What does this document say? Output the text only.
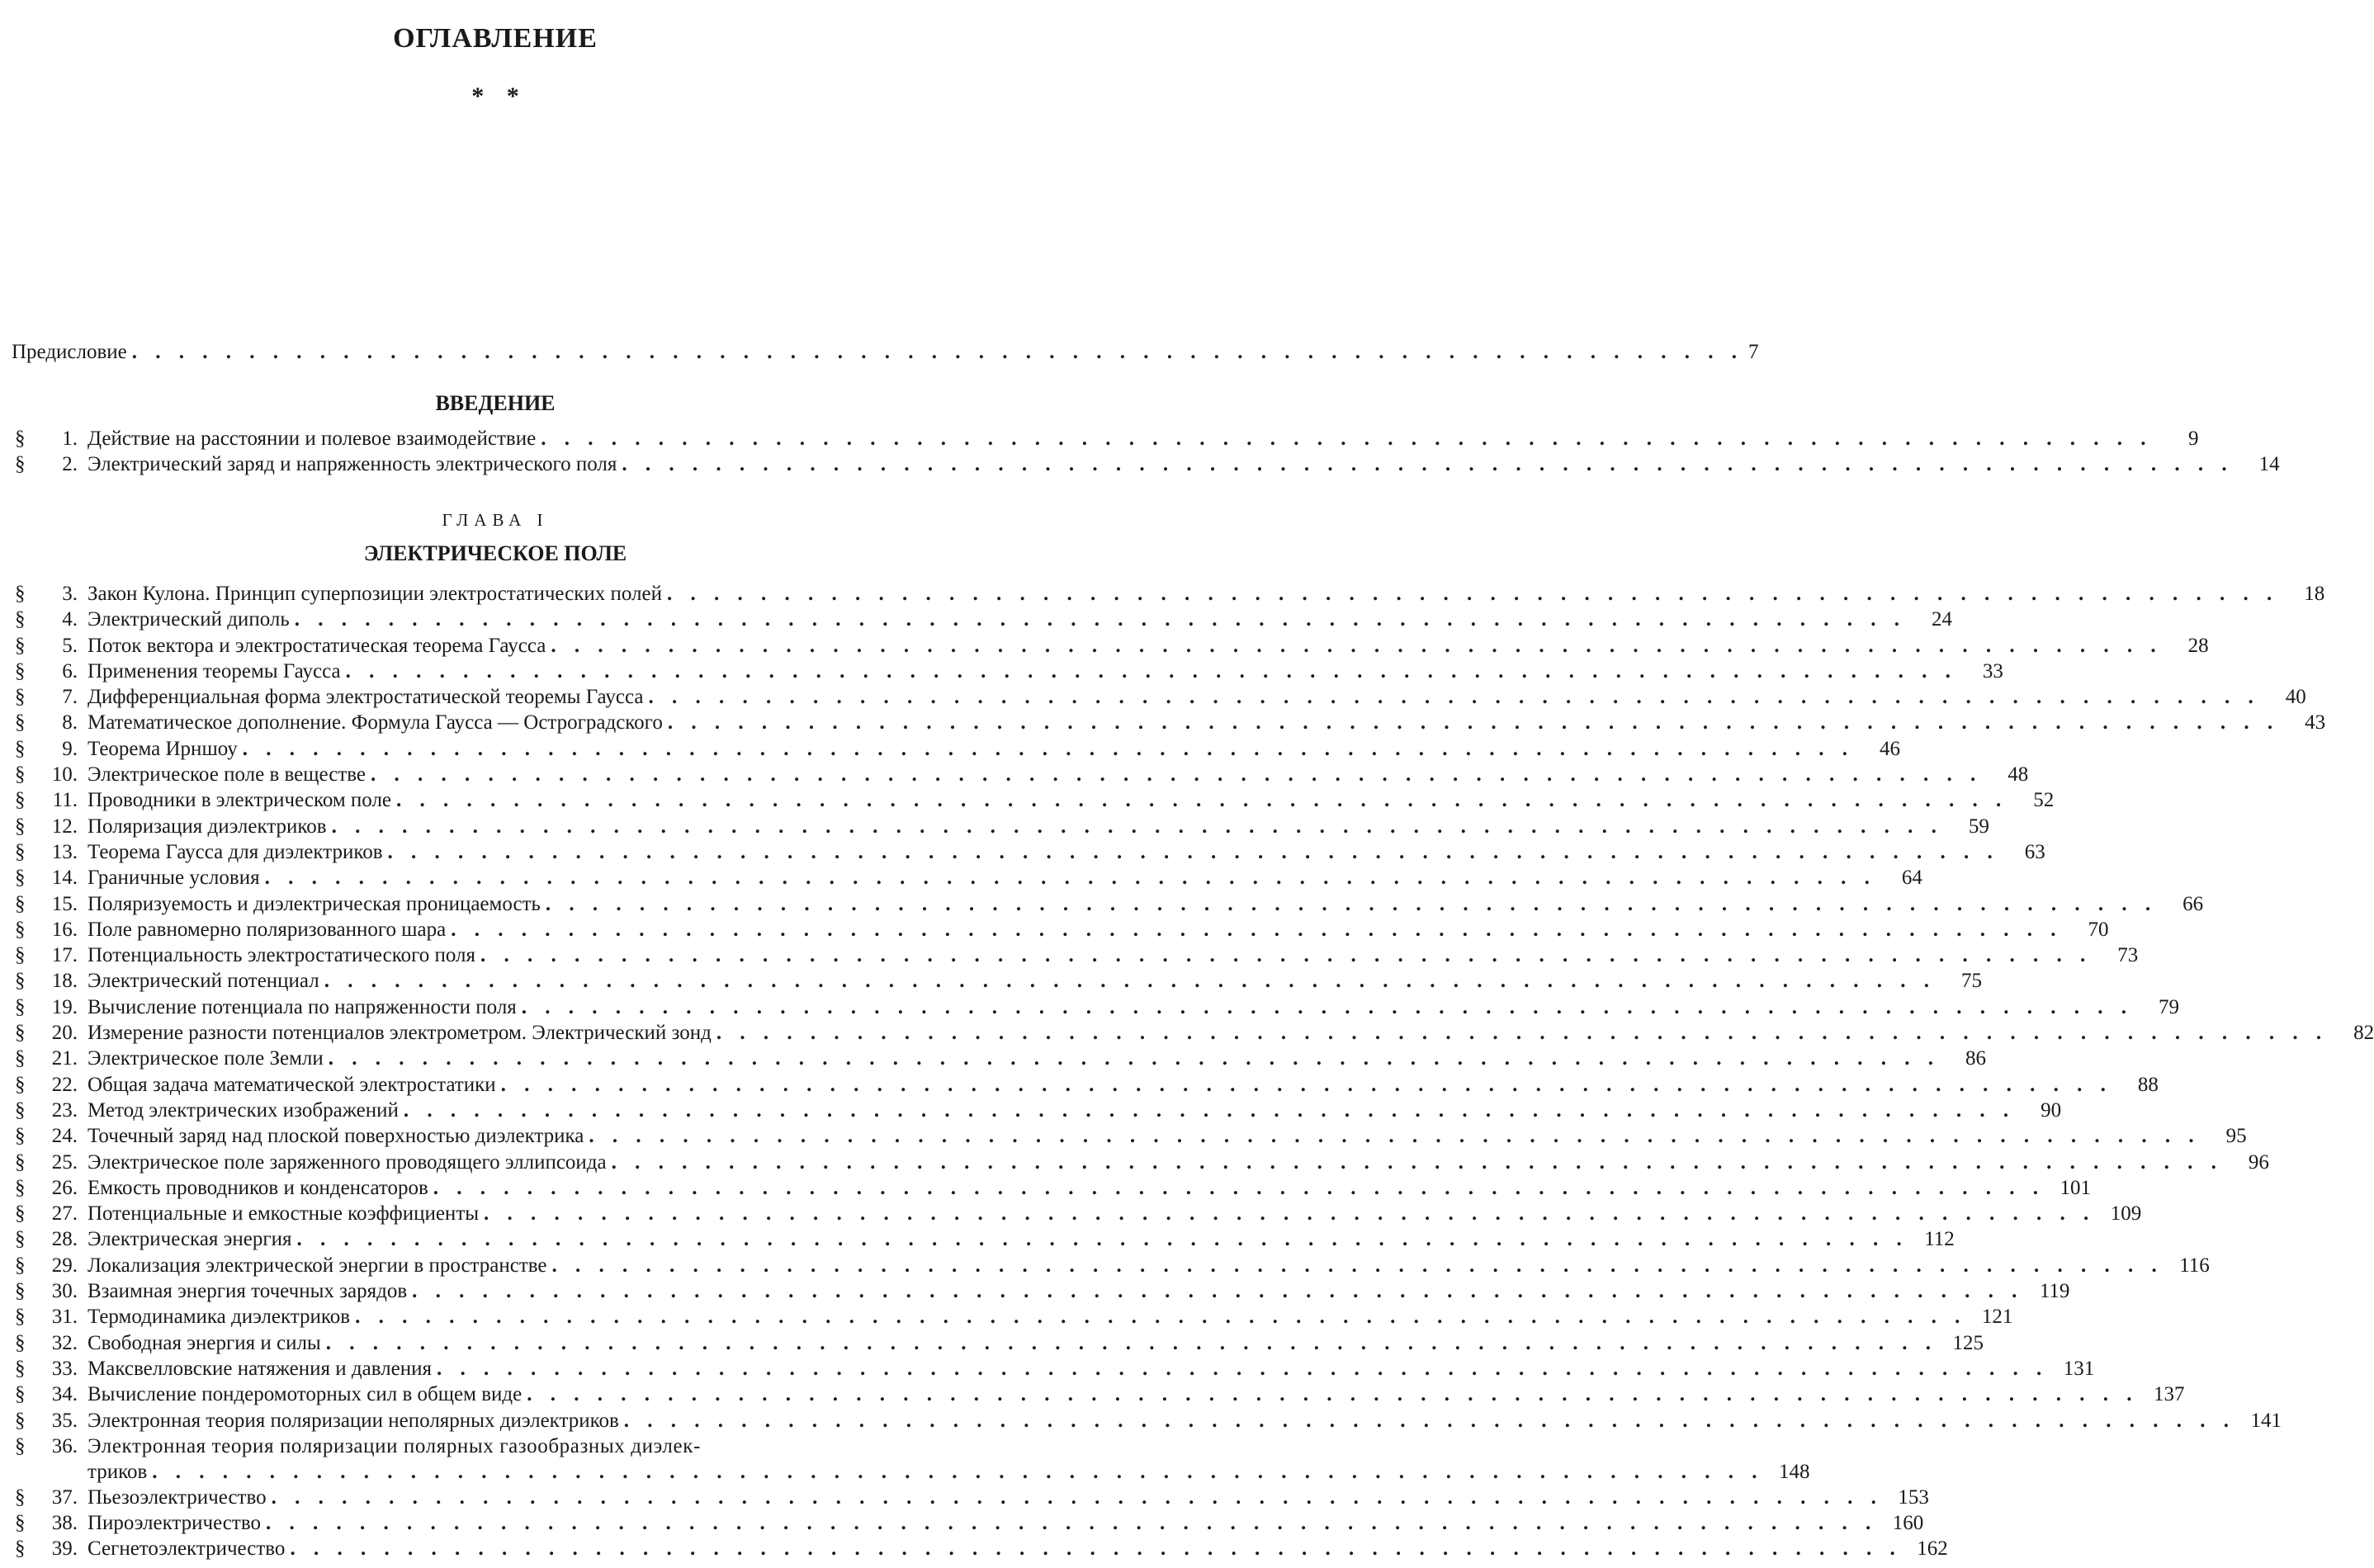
ОГЛАВЛЕНИЕ
* *
Предисловие . . . . . . . . . . . . . . . . . . . . . . . . . . . . . . . . . . . . . . . . . . . . . . . . . . . . . . . . . . . . . . . . . . . . . 7
ВВЕДЕНИЕ
§	1. Действие на расстоянии и полевое взаимодействие . . . . . . . . . . . . . . . . . . . . . . . . . . . . . . . . . . . . . . . . . . . . . . . . . . . . . . . . . . . . . . . . . . . . .	9
§	2. Электрический заряд и напряженность электрического поля . . . . . . . . . . . . . . . . . . . . . . . . . . . . . . . . . . . . . . . . . . . . . . . . . . . . . . . . . . . . . . . . . . . . .	14
ГЛАВА I
ЭЛЕКТРИЧЕСКОЕ ПОЛЕ
§	3. Закон Кулона. Принцип суперпозиции электростатических полей . . . . . . . . . . . . . . . . . . . . . . . . . . . . . . . . . . . . . . . . . . . . . . . . . . . . . . . . . . . . . . . . . . . . .	18
§	4. Электрический диполь . . . . . . . . . . . . . . . . . . . . . . . . . . . . . . . . . . . . . . . . . . . . . . . . . . . . . . . . . . . . . . . . . . . . .	24
§	5. Поток вектора и электростатическая теорема Гаусса . . . . . . . . . . . . . . . . . . . . . . . . . . . . . . . . . . . . . . . . . . . . . . . . . . . . . . . . . . . . . . . . . . . . .	28
§	6. Применения теоремы Гаусса . . . . . . . . . . . . . . . . . . . . . . . . . . . . . . . . . . . . . . . . . . . . . . . . . . . . . . . . . . . . . . . . . . . . .	33
§	7. Дифференциальная форма электростатической теоремы Гаусса . . . . . . . . . . . . . . . . . . . . . . . . . . . . . . . . . . . . . . . . . . . . . . . . . . . . . . . . . . . . . . . . . . . . .	40
§	8. Математическое дополнение. Формула Гаусса — Остроградского . . . . . . . . . . . . . . . . . . . . . . . . . . . . . . . . . . . . . . . . . . . . . . . . . . . . . . . . . . . . . . . . . . . . .	43
§	9. Теорема Ирншоу . . . . . . . . . . . . . . . . . . . . . . . . . . . . . . . . . . . . . . . . . . . . . . . . . . . . . . . . . . . . . . . . . . . . .	46
§	10. Электрическое поле в веществе . . . . . . . . . . . . . . . . . . . . . . . . . . . . . . . . . . . . . . . . . . . . . . . . . . . . . . . . . . . . . . . . . . . . .	48
§	11. Проводники в электрическом поле . . . . . . . . . . . . . . . . . . . . . . . . . . . . . . . . . . . . . . . . . . . . . . . . . . . . . . . . . . . . . . . . . . . . .	52
§	12. Поляризация диэлектриков . . . . . . . . . . . . . . . . . . . . . . . . . . . . . . . . . . . . . . . . . . . . . . . . . . . . . . . . . . . . . . . . . . . . .	59
§	13. Теорема Гаусса для диэлектриков . . . . . . . . . . . . . . . . . . . . . . . . . . . . . . . . . . . . . . . . . . . . . . . . . . . . . . . . . . . . . . . . . . . . .	63
§	14. Граничные условия . . . . . . . . . . . . . . . . . . . . . . . . . . . . . . . . . . . . . . . . . . . . . . . . . . . . . . . . . . . . . . . . . . . . .	64
§	15. Поляризуемость и диэлектрическая проницаемость . . . . . . . . . . . . . . . . . . . . . . . . . . . . . . . . . . . . . . . . . . . . . . . . . . . . . . . . . . . . . . . . . . . . .	66
§	16. Поле равномерно поляризованного шара . . . . . . . . . . . . . . . . . . . . . . . . . . . . . . . . . . . . . . . . . . . . . . . . . . . . . . . . . . . . . . . . . . . . .	70
§	17. Потенциальность электростатического поля . . . . . . . . . . . . . . . . . . . . . . . . . . . . . . . . . . . . . . . . . . . . . . . . . . . . . . . . . . . . . . . . . . . . .	73
§	18. Электрический потенциал . . . . . . . . . . . . . . . . . . . . . . . . . . . . . . . . . . . . . . . . . . . . . . . . . . . . . . . . . . . . . . . . . . . . .	75
§	19. Вычисление потенциала по напряженности поля . . . . . . . . . . . . . . . . . . . . . . . . . . . . . . . . . . . . . . . . . . . . . . . . . . . . . . . . . . . . . . . . . . . . .	79
§	20. Измерение разности потенциалов электрометром. Электрический зонд . . . . . . . . . . . . . . . . . . . . . . . . . . . . . . . . . . . . . . . . . . . . . . . . . . . . . . . . . . . . . . . . . . . . .	82
§	21. Электрическое поле Земли . . . . . . . . . . . . . . . . . . . . . . . . . . . . . . . . . . . . . . . . . . . . . . . . . . . . . . . . . . . . . . . . . . . . .	86
§	22. Общая задача математической электростатики . . . . . . . . . . . . . . . . . . . . . . . . . . . . . . . . . . . . . . . . . . . . . . . . . . . . . . . . . . . . . . . . . . . . .	88
§	23. Метод электрических изображений . . . . . . . . . . . . . . . . . . . . . . . . . . . . . . . . . . . . . . . . . . . . . . . . . . . . . . . . . . . . . . . . . . . . .	90
§	24. Точечный заряд над плоской поверхностью диэлектрика . . . . . . . . . . . . . . . . . . . . . . . . . . . . . . . . . . . . . . . . . . . . . . . . . . . . . . . . . . . . . . . . . . . . .	95
§	25. Электрическое поле заряженного проводящего эллипсоида . . . . . . . . . . . . . . . . . . . . . . . . . . . . . . . . . . . . . . . . . . . . . . . . . . . . . . . . . . . . . . . . . . . . .	96
§	26. Емкость проводников и конденсаторов . . . . . . . . . . . . . . . . . . . . . . . . . . . . . . . . . . . . . . . . . . . . . . . . . . . . . . . . . . . . . . . . . . . . . 101
§	27. Потенциальные и емкостные коэффициенты . . . . . . . . . . . . . . . . . . . . . . . . . . . . . . . . . . . . . . . . . . . . . . . . . . . . . . . . . . . . . . . . . . . . . 109
§	28. Электрическая энергия . . . . . . . . . . . . . . . . . . . . . . . . . . . . . . . . . . . . . . . . . . . . . . . . . . . . . . . . . . . . . . . . . . . . . 112
§	29. Локализация электрической энергии в пространстве . . . . . . . . . . . . . . . . . . . . . . . . . . . . . . . . . . . . . . . . . . . . . . . . . . . . . . . . . . . . . . . . . . . . . 116
§	30. Взаимная энергия точечных зарядов . . . . . . . . . . . . . . . . . . . . . . . . . . . . . . . . . . . . . . . . . . . . . . . . . . . . . . . . . . . . . . . . . . . . . 119
§	31. Термодинамика диэлектриков . . . . . . . . . . . . . . . . . . . . . . . . . . . . . . . . . . . . . . . . . . . . . . . . . . . . . . . . . . . . . . . . . . . . . 121
§	32. Свободная энергия и силы . . . . . . . . . . . . . . . . . . . . . . . . . . . . . . . . . . . . . . . . . . . . . . . . . . . . . . . . . . . . . . . . . . . . . 125
§	33. Максвелловские натяжения и давления . . . . . . . . . . . . . . . . . . . . . . . . . . . . . . . . . . . . . . . . . . . . . . . . . . . . . . . . . . . . . . . . . . . . . 131
§	34. Вычисление пондеромоторных сил в общем виде . . . . . . . . . . . . . . . . . . . . . . . . . . . . . . . . . . . . . . . . . . . . . . . . . . . . . . . . . . . . . . . . . . . . . 137
§	35. Электронная теория поляризации неполярных диэлектриков . . . . . . . . . . . . . . . . . . . . . . . . . . . . . . . . . . . . . . . . . . . . . . . . . . . . . . . . . . . . . . . . . . . . . 141
§	36. Электронная теория поляризации полярных газообразных диэлек-
триков . . . . . . . . . . . . . . . . . . . . . . . . . . . . . . . . . . . . . . . . . . . . . . . . . . . . . . . . . . . . . . . . . . . . . 148
§	37. Пьезоэлектричество . . . . . . . . . . . . . . . . . . . . . . . . . . . . . . . . . . . . . . . . . . . . . . . . . . . . . . . . . . . . . . . . . . . . . 153
§	38. Пироэлектричество . . . . . . . . . . . . . . . . . . . . . . . . . . . . . . . . . . . . . . . . . . . . . . . . . . . . . . . . . . . . . . . . . . . . . 160
§	39. Сегнетоэлектричество . . . . . . . . . . . . . . . . . . . . . . . . . . . . . . . . . . . . . . . . . . . . . . . . . . . . . . . . . . . . . . . . . . . . . 162
